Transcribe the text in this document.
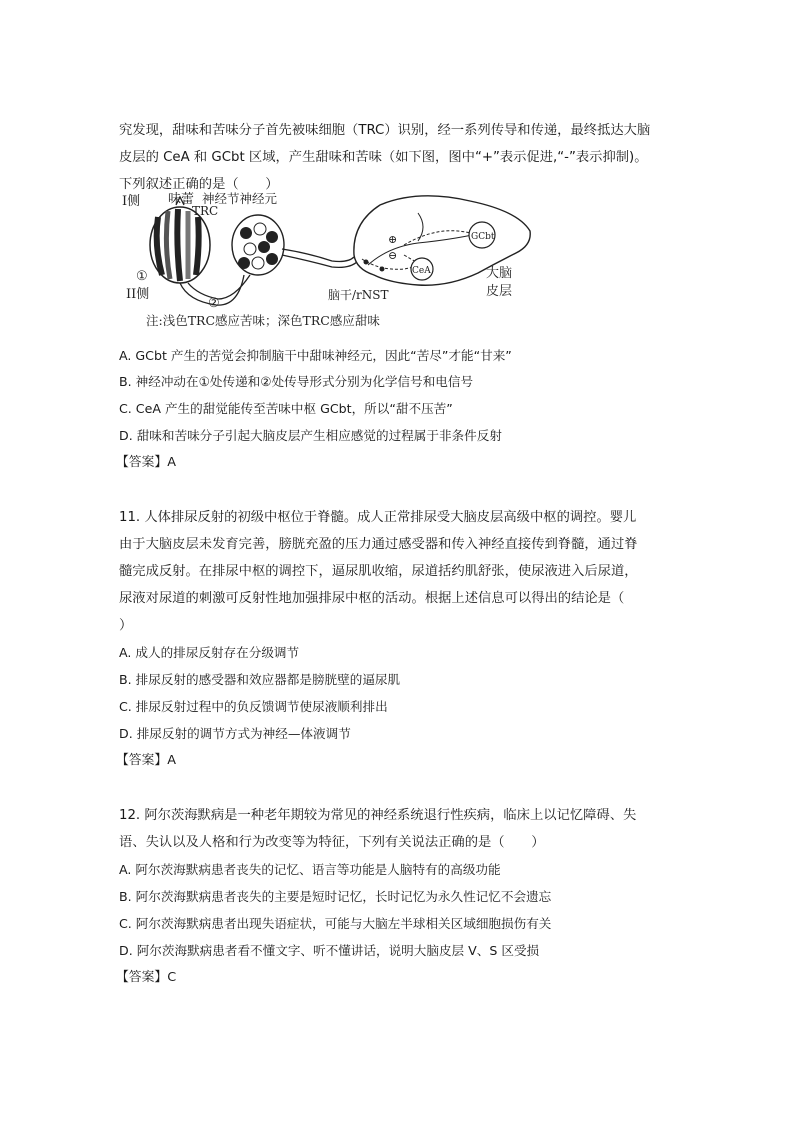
究发现，甜味和苦味分子首先被味细胞（TRC）识别，经一系列传导和传递，最终抵达大脑
皮层的 CeA 和 GCbt 区域，产生甜味和苦味（如下图，图中“+”表示促进,“-”表示抑制)。
下列叙述正确的是（　　）
I侧
II侧
味蕾
TRC
神经节神经元
①
②
⊕
⊖
GCbt
CeA
脑干/rNST
大脑
皮层
注:浅色TRC感应苦味；深色TRC感应甜味
A. GCbt 产生的苦觉会抑制脑干中甜味神经元，因此“苦尽”才能“甘来”
B. 神经冲动在①处传递和②处传导形式分别为化学信号和电信号
C. CeA 产生的甜觉能传至苦味中枢 GCbt，所以“甜不压苦”
D. 甜味和苦味分子引起大脑皮层产生相应感觉的过程属于非条件反射
【答案】A
11. 人体排尿反射的初级中枢位于脊髓。成人正常排尿受大脑皮层高级中枢的调控。婴儿
由于大脑皮层未发育完善，膀胱充盈的压力通过感受器和传入神经直接传到脊髓，通过脊
髓完成反射。在排尿中枢的调控下，逼尿肌收缩，尿道括约肌舒张，使尿液进入后尿道，
尿液对尿道的刺激可反射性地加强排尿中枢的活动。根据上述信息可以得出的结论是（
）
A. 成人的排尿反射存在分级调节
B. 排尿反射的感受器和效应器都是膀胱壁的逼尿肌
C. 排尿反射过程中的负反馈调节使尿液顺利排出
D. 排尿反射的调节方式为神经—体液调节
【答案】A
12. 阿尔茨海默病是一种老年期较为常见的神经系统退行性疾病，临床上以记忆障碍、失
语、失认以及人格和行为改变等为特征，下列有关说法正确的是（　　）
A. 阿尔茨海默病患者丧失的记忆、语言等功能是人脑特有的高级功能
B. 阿尔茨海默病患者丧失的主要是短时记忆，长时记忆为永久性记忆不会遗忘
C. 阿尔茨海默病患者出现失语症状，可能与大脑左半球相关区域细胞损伤有关
D. 阿尔茨海默病患者看不懂文字、听不懂讲话，说明大脑皮层 V、S 区受损
【答案】C
